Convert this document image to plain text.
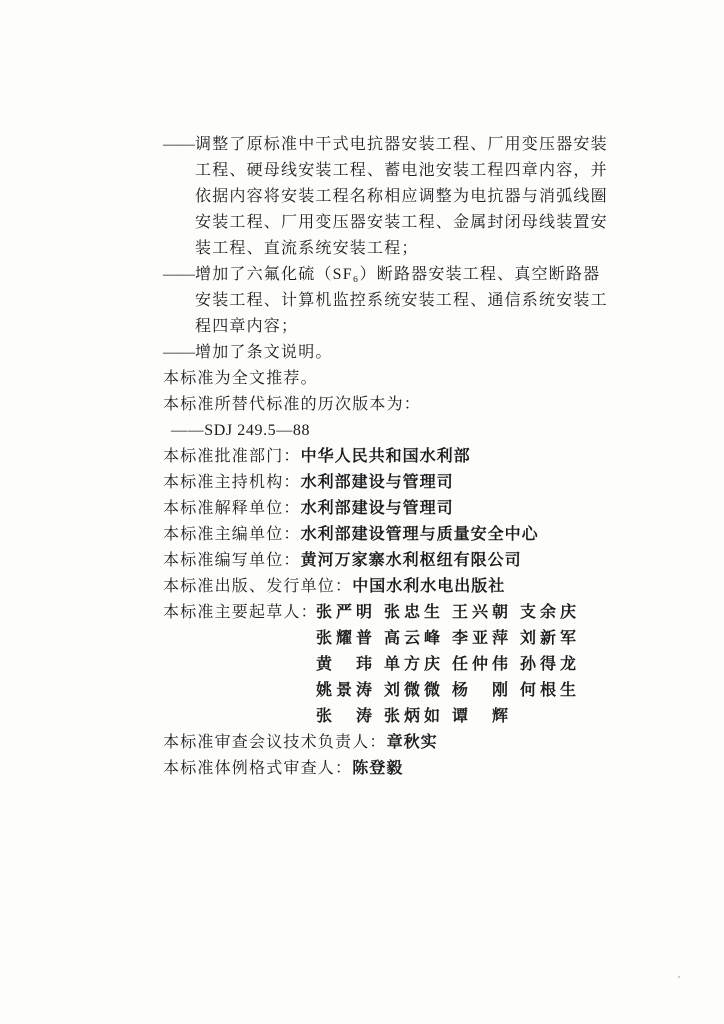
——调整了原标准中干式电抗器安装工程、厂用变压器安装
工程、硬母线安装工程、蓄电池安装工程四章内容，并
依据内容将安装工程名称相应调整为电抗器与消弧线圈
安装工程、厂用变压器安装工程、金属封闭母线装置安
装工程、直流系统安装工程；
——增加了六氟化硫（SF₆）断路器安装工程、真空断路器
安装工程、计算机监控系统安装工程、通信系统安装工
程四章内容；
——增加了条文说明。
本标准为全文推荐。
本标准所替代标准的历次版本为：
——SDJ 249.5—88
本标准批准部门：中华人民共和国水利部
本标准主持机构：水利部建设与管理司
本标准解释单位：水利部建设与管理司
本标准主编单位：水利部建设管理与质量安全中心
本标准编写单位：黄河万家寨水利枢纽有限公司
本标准出版、发行单位：中国水利水电出版社
本标准主要起草人：
张严明 张忠生 王兴朝 支余庆
张耀普 高云峰 李亚萍 刘新军
黄玮 单方庆 任仲伟 孙得龙
姚景涛 刘微微 杨刚 何根生
张涛 张炳如 谭辉
本标准审查会议技术负责人：章秋实
本标准体例格式审查人：陈登毅
